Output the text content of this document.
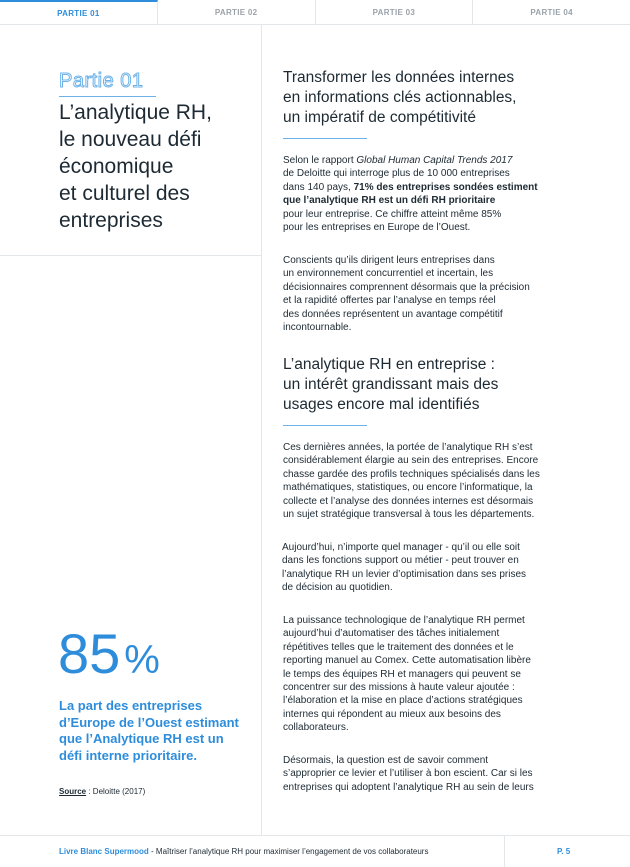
PARTIE 01	PARTIE 02	PARTIE 03	PARTIE 04
Partie 01
L’analytique RH,
le nouveau défi
économique
et culturel des
entreprises
85 %
La part des entreprises d’Europe de l’Ouest estimant que l’Analytique RH est un défi interne prioritaire.
Source : Deloitte (2017)
Transformer les données internes
en informations clés actionnables,
un impératif de compétitivité
Selon le rapport Global Human Capital Trends 2017
de Deloitte qui interroge plus de 10 000 entreprises
dans 140 pays, 71% des entreprises sondées estiment
que l’analytique RH est un défi RH prioritaire
pour leur entreprise. Ce chiffre atteint même 85%
pour les entreprises en Europe de l’Ouest.
Conscients qu’ils dirigent leurs entreprises dans
un environnement concurrentiel et incertain, les
décisionnaires comprennent désormais que la précision
et la rapidité offertes par l’analyse en temps réel
des données représentent un avantage compétitif
incontournable.
L’analytique RH en entreprise :
un intérêt grandissant mais des
usages encore mal identifiés
Ces dernières années, la portée de l’analytique RH s’est
considérablement élargie au sein des entreprises. Encore
chasse gardée des profils techniques spécialisés dans les
mathématiques, statistiques, ou encore l’informatique, la
collecte et l’analyse des données internes est désormais
un sujet stratégique transversal à tous les départements.
Aujourd’hui, n’importe quel manager - qu’il ou elle soit
dans les fonctions support ou métier - peut trouver en
l’analytique RH un levier d’optimisation dans ses prises
de décision au quotidien.
La puissance technologique de l’analytique RH permet
aujourd’hui d’automatiser des tâches initialement
répétitives telles que le traitement des données et le
reporting manuel au Comex. Cette automatisation libère
le temps des équipes RH et managers qui peuvent se
concentrer sur des missions à haute valeur ajoutée :
l’élaboration et la mise en place d’actions stratégiques
internes qui répondent au mieux aux besoins des
collaborateurs.
Désormais, la question est de savoir comment
s’approprier ce levier et l’utiliser à bon escient. Car si les
entreprises qui adoptent l’analytique RH au sein de leurs
Livre Blanc Supermood - Maîtriser l’analytique RH pour maximiser l’engagement de vos collaborateurs	P. 5
